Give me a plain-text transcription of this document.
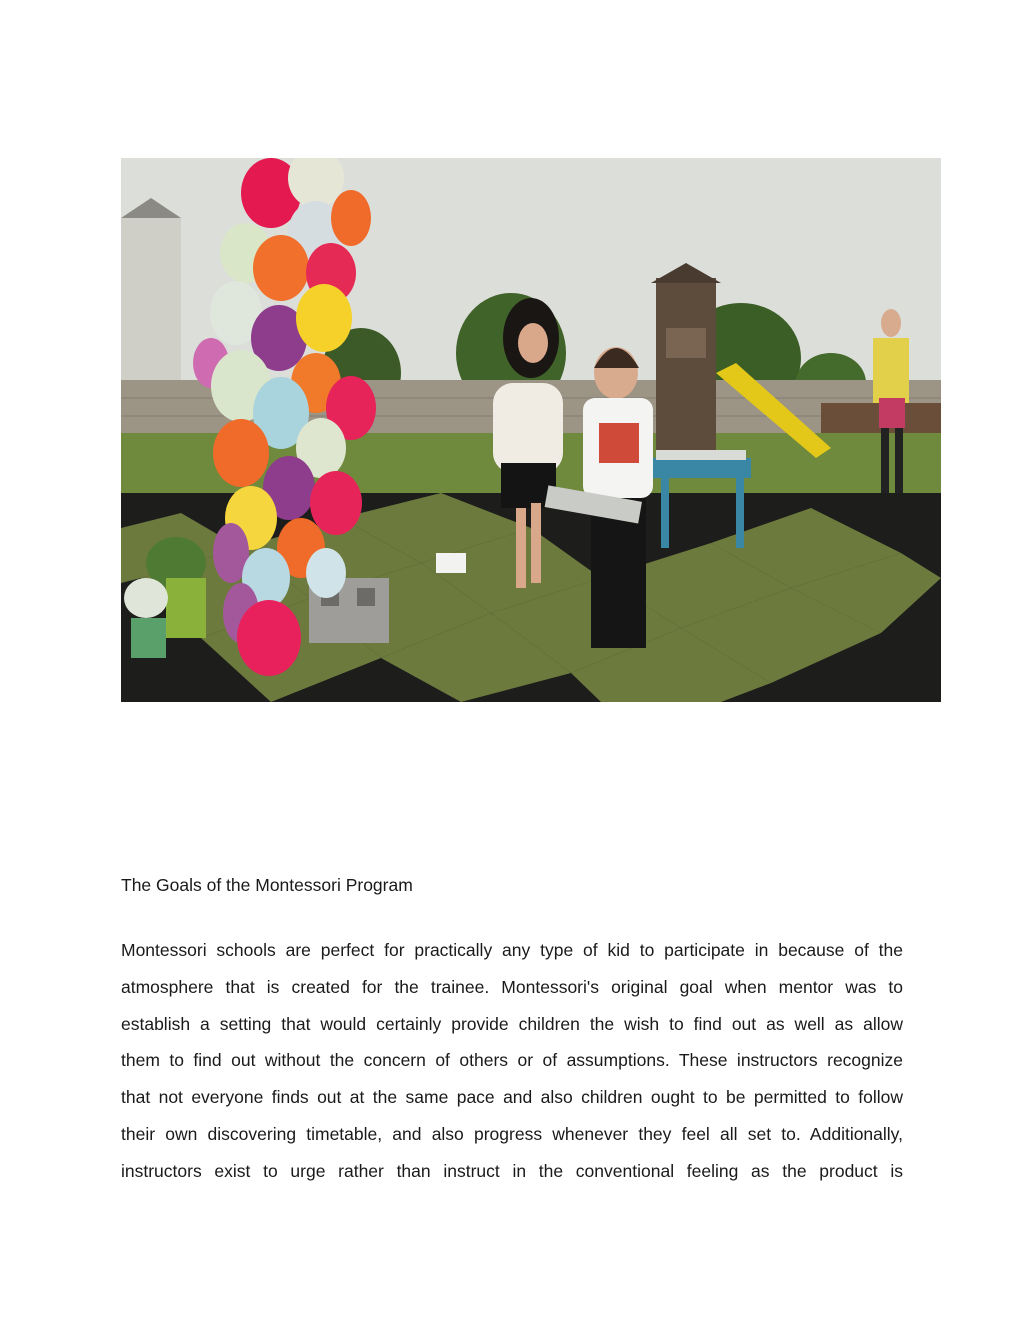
The Goals of the Montessori Program

Montessori schools are perfect for practically any type of kid to participate in because of the
atmosphere that is created for the trainee. Montessori's original goal when mentor was to
establish a setting that would certainly provide children the wish to find out as well as allow
them to find out without the concern of others or of assumptions. These instructors recognize
that not everyone finds out at the same pace and also children ought to be permitted to follow
their own discovering timetable, and also progress whenever they feel all set to. Additionally,
instructors exist to urge rather than instruct in the conventional feeling as the product is
